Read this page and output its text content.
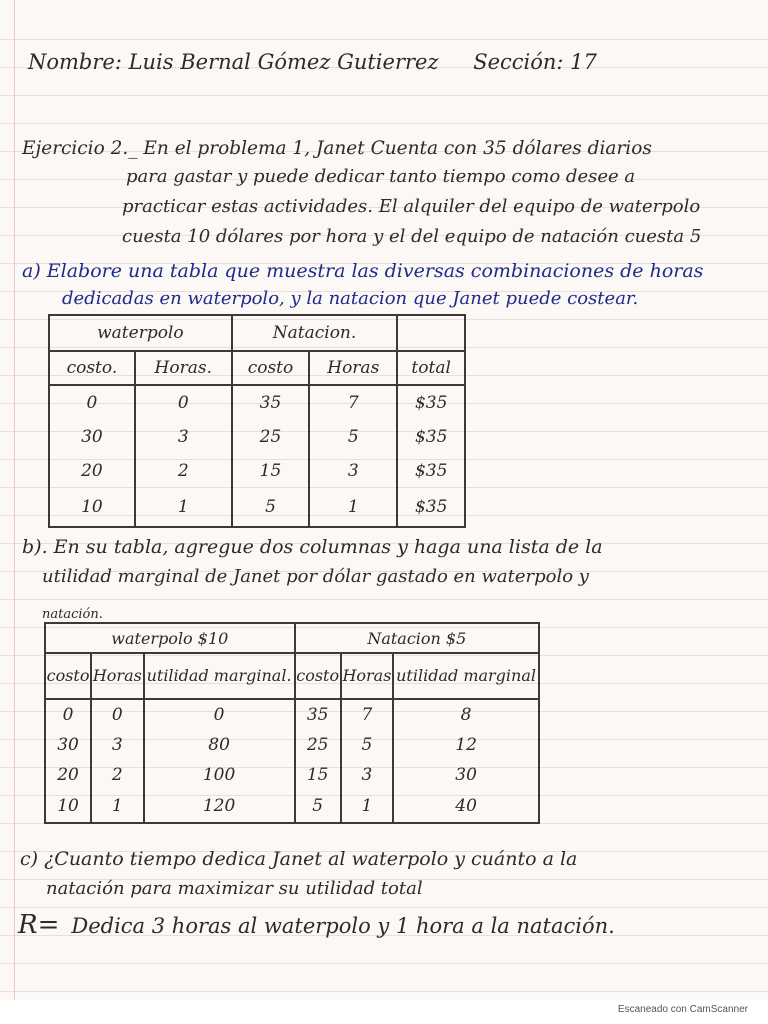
Nombre: Luis Bernal Gómez Gutierrez Sección: 17
Ejercicio 2._ En el problema 1, Janet Cuenta con 35 dólares diarios
para gastar y puede dedicar tanto tiempo como desee a
practicar estas actividades. El alquiler del equipo de waterpolo
cuesta 10 dólares por hora y el del equipo de natación cuesta 5
a) Elabore una tabla que muestra las diversas combinaciones de horas
dedicadas en waterpolo, y la natacion que Janet puede costear.
waterpolo		Natacion.		
costo.	Horas.	costo	Horas	total
0	0	35	7	$35
30	3	25	5	$35
20	2	15	3	$35
10	1	5	1	$35
b). En su tabla, agregue dos columnas y haga una lista de la
utilidad marginal de Janet por dólar gastado en waterpolo y
natación.
waterpolo $10			Natacion $5		
costo	Horas	utilidad marginal.	costo	Horas	utilidad marginal
0	0	0	35	7	8
30	3	80	25	5	12
20	2	100	15	3	30
10	1	120	5	1	40
c) ¿Cuanto tiempo dedica Janet al waterpolo y cuánto a la
natación para maximizar su utilidad total
R= Dedica 3 horas al waterpolo y 1 hora a la natación.
Escaneado con CamScanner
